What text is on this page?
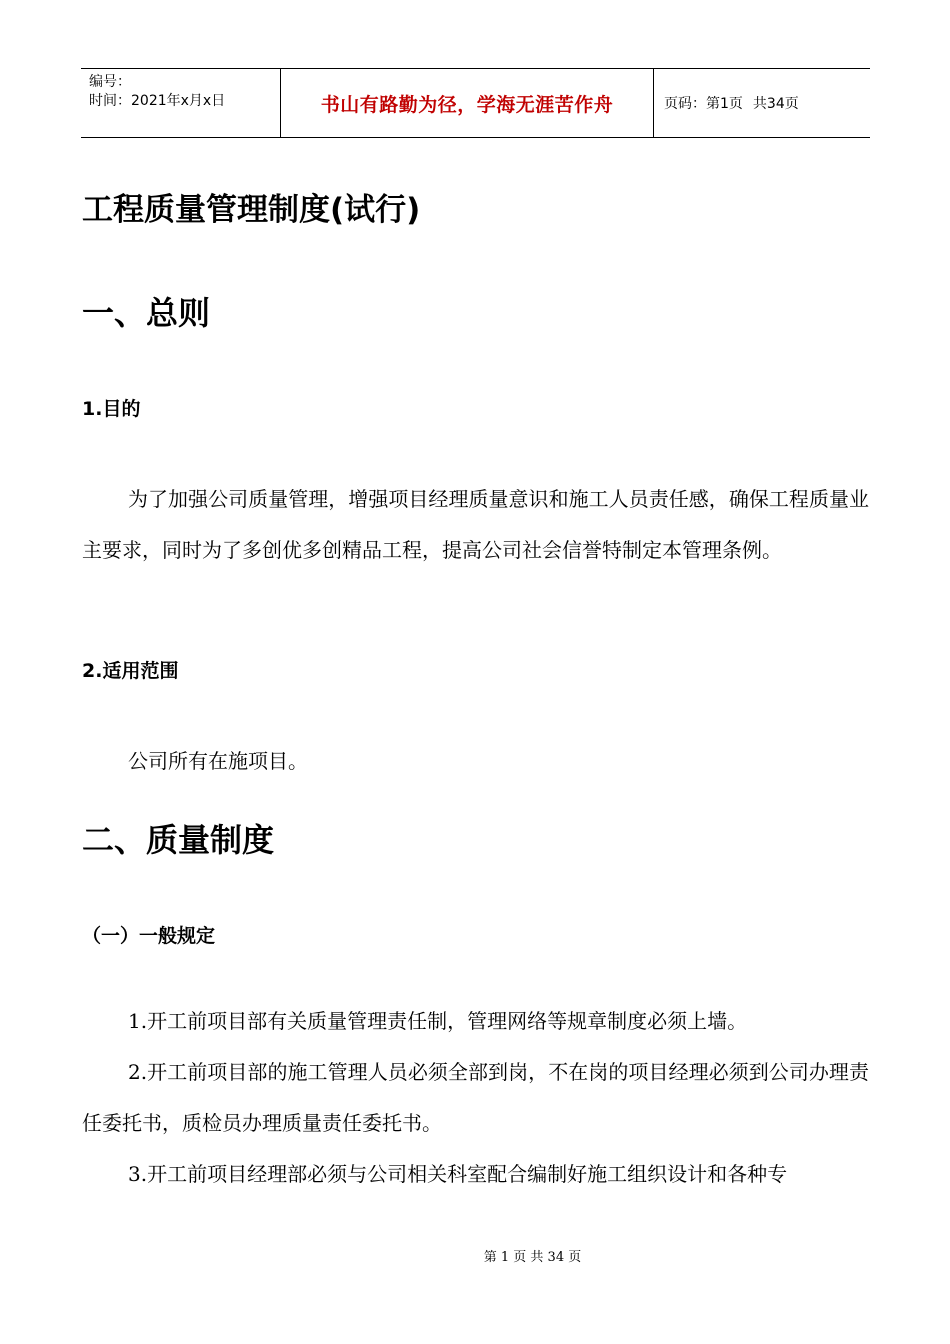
编号：
时间：2021年x月x日	书山有路勤为径，学海无涯苦作舟	页码：第1页 共34页
工程质量管理制度(试行)
一、总则
1.目的
为了加强公司质量管理，增强项目经理质量意识和施工人员责任感，确保工程质量业主要求，同时为了多创优多创精品工程，提高公司社会信誉特制定本管理条例。
2.适用范围
公司所有在施项目。
二、质量制度
（一）一般规定
1.开工前项目部有关质量管理责任制，管理网络等规章制度必须上墙。
2.开工前项目部的施工管理人员必须全部到岗，不在岗的项目经理必须到公司办理责任委托书，质检员办理质量责任委托书。
3.开工前项目经理部必须与公司相关科室配合编制好施工组织设计和各种专
第 1 页 共 34 页
